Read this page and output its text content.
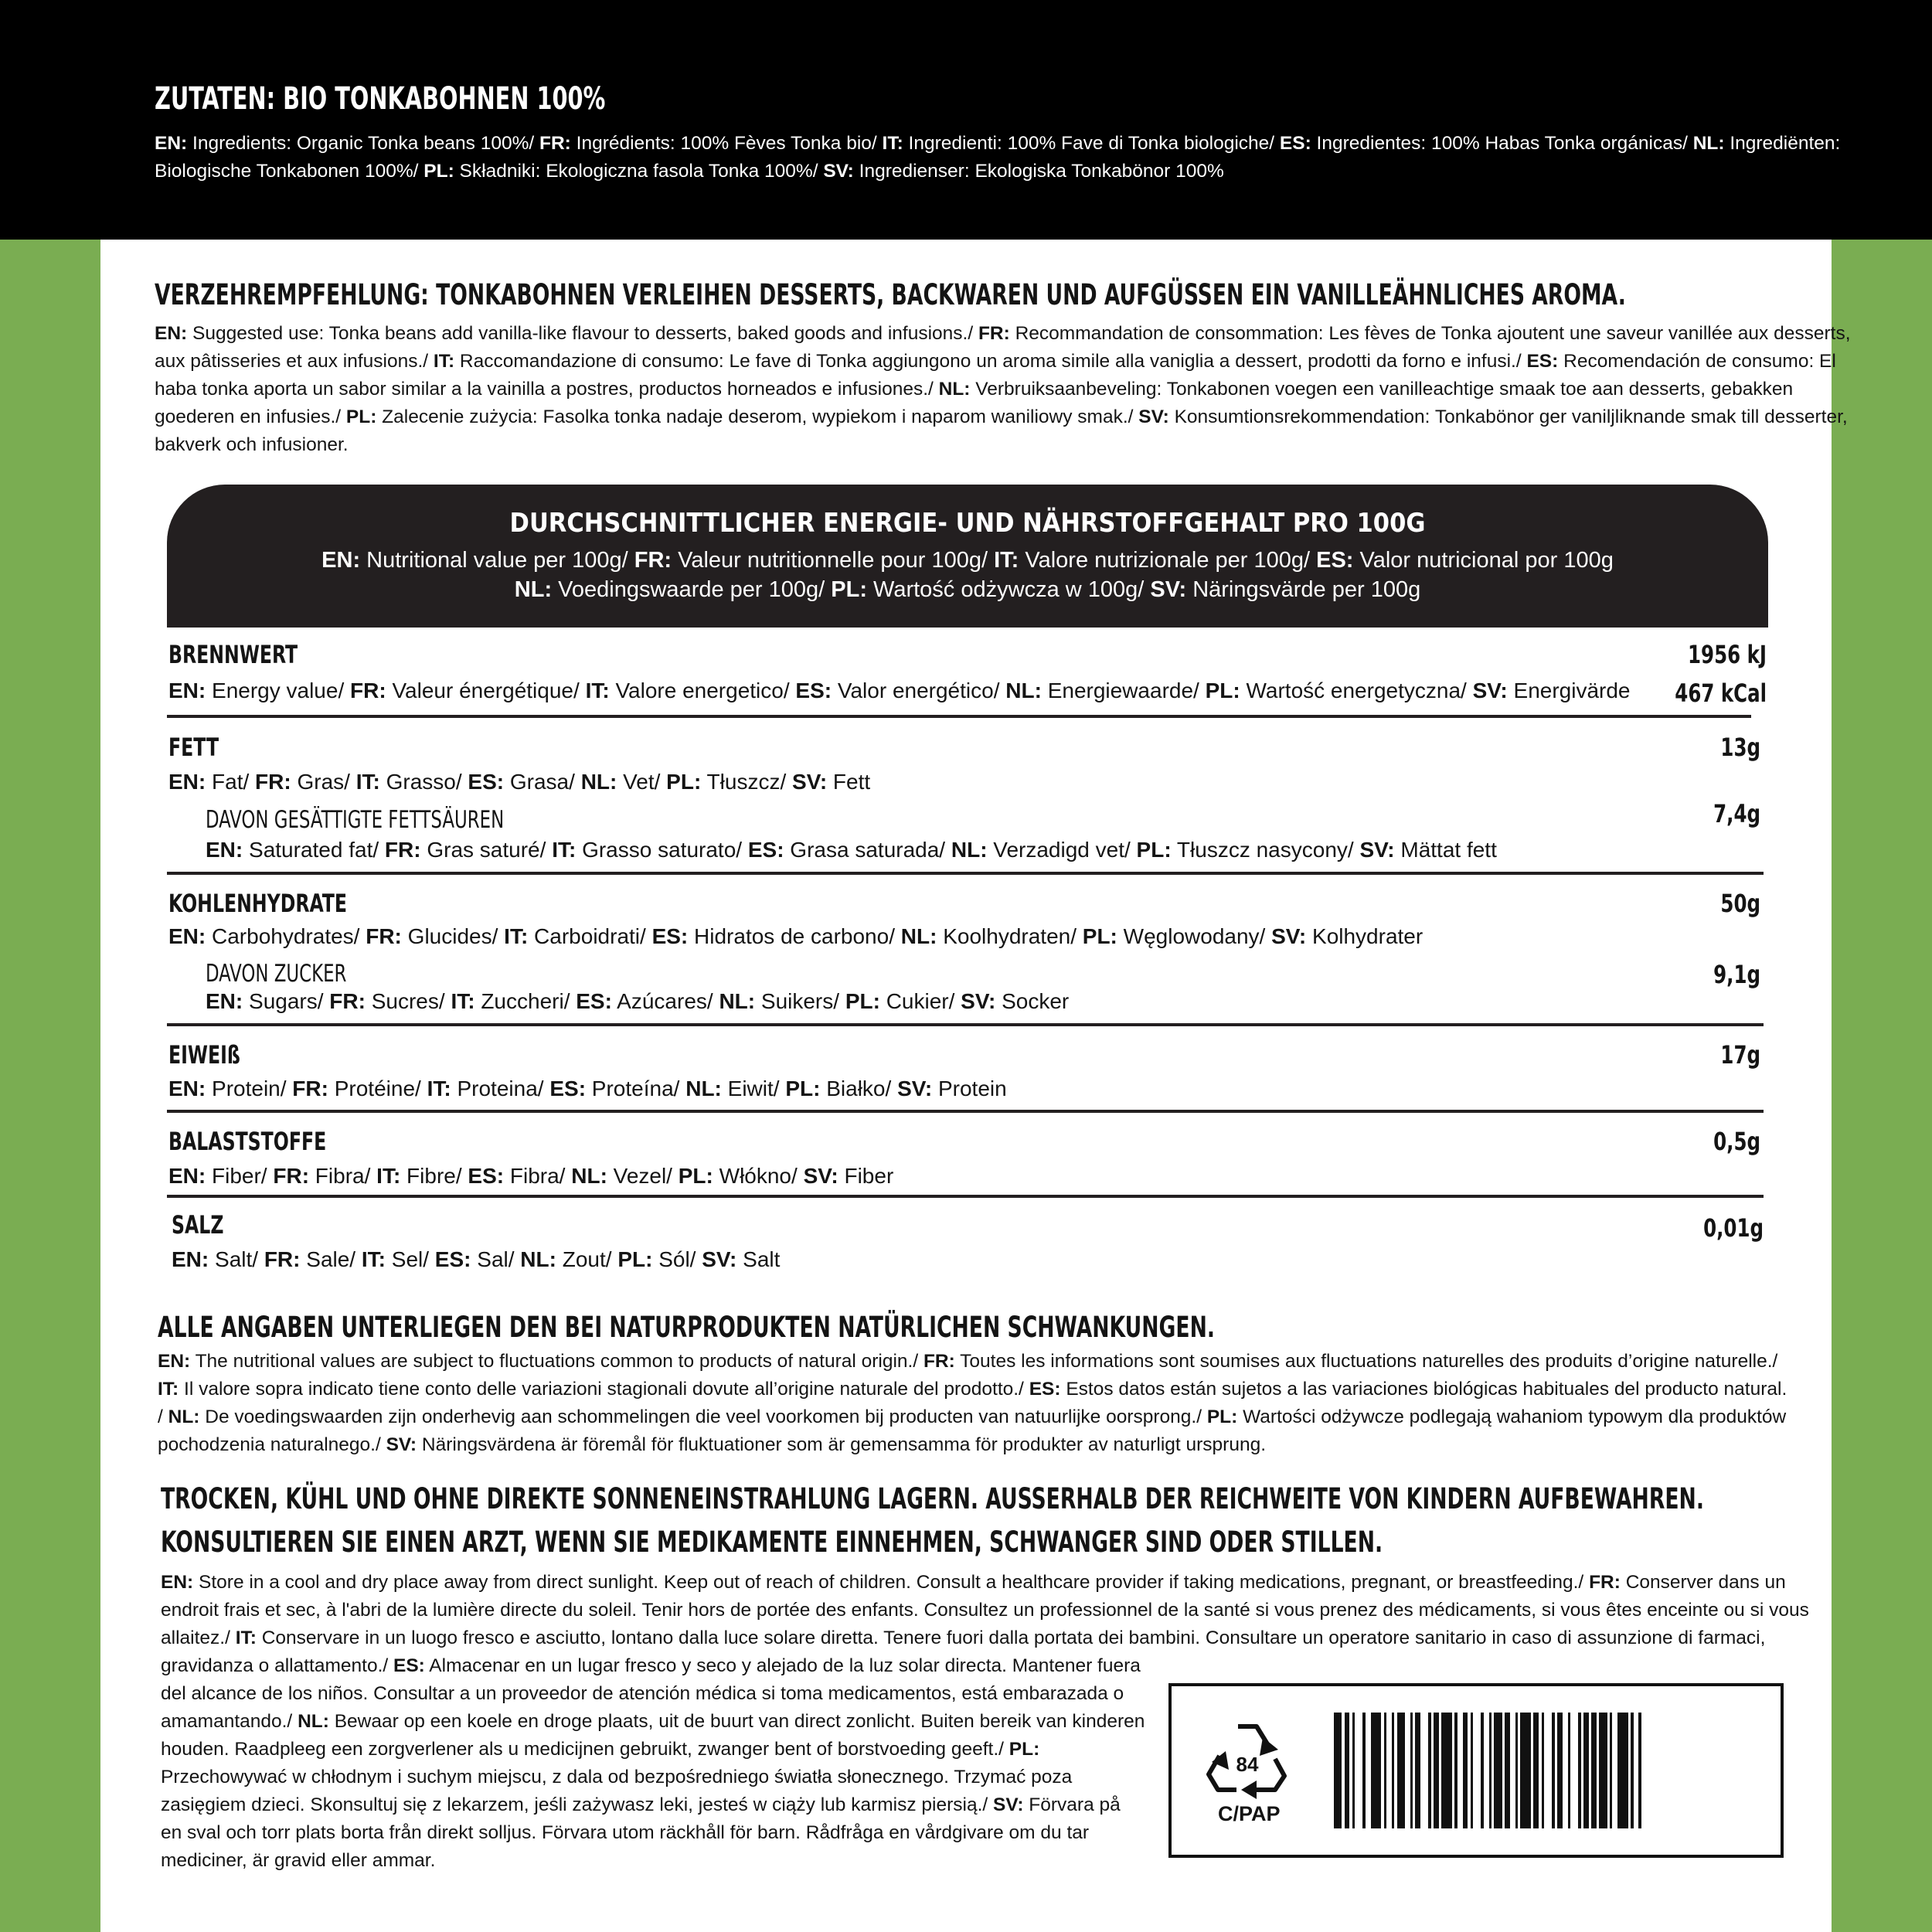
ZUTATEN: BIO TONKABOHNEN 100%
EN: Ingredients: Organic Tonka beans 100%/ FR: Ingrédients: 100% Fèves Tonka bio/ IT: Ingredienti: 100% Fave di Tonka biologiche/ ES: Ingredientes: 100% Habas Tonka orgánicas/ NL: Ingrediënten:
Biologische Tonkabonen 100%/ PL: Składniki: Ekologiczna fasola Tonka 100%/ SV: Ingredienser: Ekologiska Tonkabönor 100%
VERZEHREMPFEHLUNG: TONKABOHNEN VERLEIHEN DESSERTS, BACKWAREN UND AUFGÜSSEN EIN VANILLEÄHNLICHES AROMA.
EN: Suggested use: Tonka beans add vanilla-like flavour to desserts, baked goods and infusions./ FR: Recommandation de consommation: Les fèves de Tonka ajoutent une saveur vanillée aux desserts,
aux pâtisseries et aux infusions./ IT: Raccomandazione di consumo: Le fave di Tonka aggiungono un aroma simile alla vaniglia a dessert, prodotti da forno e infusi./ ES: Recomendación de consumo: El
haba tonka aporta un sabor similar a la vainilla a postres, productos horneados e infusiones./ NL: Verbruiksaanbeveling: Tonkabonen voegen een vanilleachtige smaak toe aan desserts, gebakken
goederen en infusies./ PL: Zalecenie zużycia: Fasolka tonka nadaje deserom, wypiekom i naparom waniliowy smak./ SV: Konsumtionsrekommendation: Tonkabönor ger vaniljliknande smak till desserter,
bakverk och infusioner.
DURCHSCHNITTLICHER ENERGIE- UND NÄHRSTOFFGEHALT PRO 100G
EN: Nutritional value per 100g/ FR: Valeur nutritionnelle pour 100g/ IT: Valore nutrizionale per 100g/ ES: Valor nutricional por 100g
NL: Voedingswaarde per 100g/ PL: Wartość odżywcza w 100g/ SV: Näringsvärde per 100g
BRENNWERT
EN: Energy value/ FR: Valeur énergétique/ IT: Valore energetico/ ES: Valor energético/ NL: Energiewaarde/ PL: Wartość energetyczna/ SV: Energivärde
1956 kJ
467 kCal
FETT
EN: Fat/ FR: Gras/ IT: Grasso/ ES: Grasa/ NL: Vet/ PL: Tłuszcz/ SV: Fett
13g
DAVON GESÄTTIGTE FETTSÄUREN
EN: Saturated fat/ FR: Gras saturé/ IT: Grasso saturato/ ES: Grasa saturada/ NL: Verzadigd vet/ PL: Tłuszcz nasycony/ SV: Mättat fett
7,4g
KOHLENHYDRATE
EN: Carbohydrates/ FR: Glucides/ IT: Carboidrati/ ES: Hidratos de carbono/ NL: Koolhydraten/ PL: Węglowodany/ SV: Kolhydrater
50g
DAVON ZUCKER
EN: Sugars/ FR: Sucres/ IT: Zuccheri/ ES: Azúcares/ NL: Suikers/ PL: Cukier/ SV: Socker
9,1g
EIWEIß
EN: Protein/ FR: Protéine/ IT: Proteina/ ES: Proteína/ NL: Eiwit/ PL: Białko/ SV: Protein
17g
BALASTSTOFFE
EN: Fiber/ FR: Fibra/ IT: Fibre/ ES: Fibra/ NL: Vezel/ PL: Włókno/ SV: Fiber
0,5g
SALZ
EN: Salt/ FR: Sale/ IT: Sel/ ES: Sal/ NL: Zout/ PL: Sól/ SV: Salt
0,01g
ALLE ANGABEN UNTERLIEGEN DEN BEI NATURPRODUKTEN NATÜRLICHEN SCHWANKUNGEN.
EN: The nutritional values are subject to fluctuations common to products of natural origin./ FR: Toutes les informations sont soumises aux fluctuations naturelles des produits d’origine naturelle./
IT: Il valore sopra indicato tiene conto delle variazioni stagionali dovute all’origine naturale del prodotto./ ES: Estos datos están sujetos a las variaciones biológicas habituales del producto natural.
/ NL: De voedingswaarden zijn onderhevig aan schommelingen die veel voorkomen bij producten van natuurlijke oorsprong./ PL: Wartości odżywcze podlegają wahaniom typowym dla produktów
pochodzenia naturalnego./ SV: Näringsvärdena är föremål för fluktuationer som är gemensamma för produkter av naturligt ursprung.
TROCKEN, KÜHL UND OHNE DIREKTE SONNENEINSTRAHLUNG LAGERN. AUSSERHALB DER REICHWEITE VON KINDERN AUFBEWAHREN.
KONSULTIEREN SIE EINEN ARZT, WENN SIE MEDIKAMENTE EINNEHMEN, SCHWANGER SIND ODER STILLEN.
EN: Store in a cool and dry place away from direct sunlight. Keep out of reach of children. Consult a healthcare provider if taking medications, pregnant, or breastfeeding./ FR: Conserver dans un
endroit frais et sec, à l'abri de la lumière directe du soleil. Tenir hors de portée des enfants. Consultez un professionnel de la santé si vous prenez des médicaments, si vous êtes enceinte ou si vous
allaitez./ IT: Conservare in un luogo fresco e asciutto, lontano dalla luce solare diretta. Tenere fuori dalla portata dei bambini. Consultare un operatore sanitario in caso di assunzione di farmaci,
gravidanza o allattamento./ ES: Almacenar en un lugar fresco y seco y alejado de la luz solar directa. Mantener fuera
del alcance de los niños. Consultar a un proveedor de atención médica si toma medicamentos, está embarazada o
amamantando./ NL: Bewaar op een koele en droge plaats, uit de buurt van direct zonlicht. Buiten bereik van kinderen
houden. Raadpleeg een zorgverlener als u medicijnen gebruikt, zwanger bent of borstvoeding geeft./ PL:
Przechowywać w chłodnym i suchym miejscu, z dala od bezpośredniego światła słonecznego. Trzymać poza
zasięgiem dzieci. Skonsultuj się z lekarzem, jeśli zażywasz leki, jesteś w ciąży lub karmisz piersią./ SV: Förvara på
en sval och torr plats borta från direkt solljus. Förvara utom räckhåll för barn. Rådfråga en vårdgivare om du tar
mediciner, är gravid eller ammar.
84
C/PAP
